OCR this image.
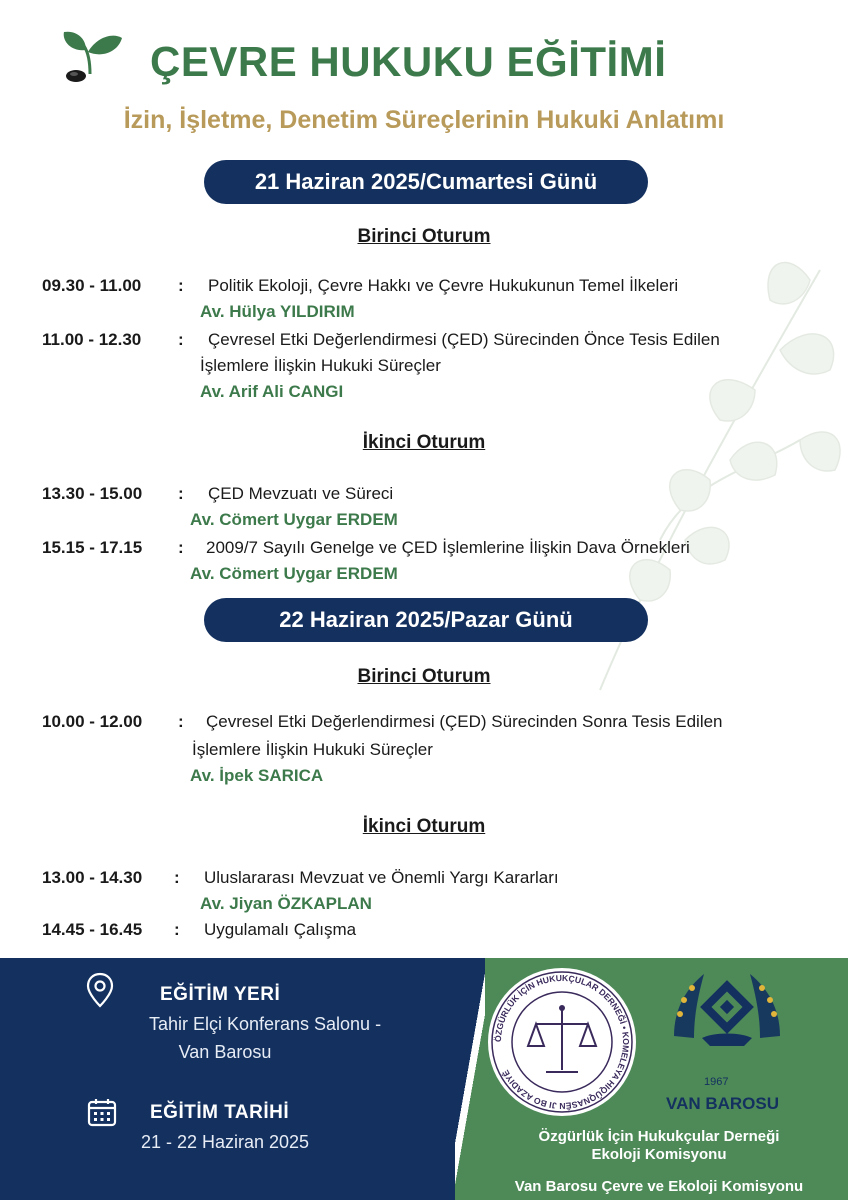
ÇEVRE HUKUKU EĞİTİMİ
İzin, İşletme, Denetim Süreçlerinin Hukuki Anlatımı
21 Haziran 2025/Cumartesi Günü
Birinci Oturum
09.30 - 11.00 : Politik Ekoloji, Çevre Hakkı ve Çevre Hukukunun Temel İlkeleri
Av. Hülya YILDIRIM
11.00 - 12.30 : Çevresel Etki Değerlendirmesi (ÇED) Sürecinden Önce Tesis Edilen
İşlemlere İlişkin Hukuki Süreçler
Av. Arif Ali CANGI
İkinci Oturum
13.30 - 15.00 : ÇED Mevzuatı ve Süreci
Av. Cömert Uygar ERDEM
15.15 - 17.15 : 2009/7 Sayılı Genelge ve ÇED İşlemlerine İlişkin Dava Örnekleri
Av. Cömert Uygar ERDEM
22 Haziran 2025/Pazar Günü
Birinci Oturum
10.00 - 12.00 : Çevresel Etki Değerlendirmesi (ÇED) Sürecinden Sonra Tesis Edilen
İşlemlere İlişkin Hukuki Süreçler
Av. İpek SARICA
İkinci Oturum
13.00 - 14.30 : Uluslararası Mevzuat ve Önemli Yargı Kararları
Av. Jiyan ÖZKAPLAN
14.45 - 16.45 : Uygulamalı Çalışma
EĞİTİM YERİ
Tahir Elçi Konferans Salonu -
Van Barosu
EĞİTİM TARİHİ
21 - 22 Haziran 2025
ÖZGÜRLÜK İÇİN HUKUKÇULAR DERNEĞİ • KOMELEYA HIQÛQNASÊN JI BO AZADIYÊ
1967
VAN BAROSU
Özgürlük İçin Hukukçular Derneği
Ekoloji Komisyonu
Van Barosu Çevre ve Ekoloji Komisyonu
